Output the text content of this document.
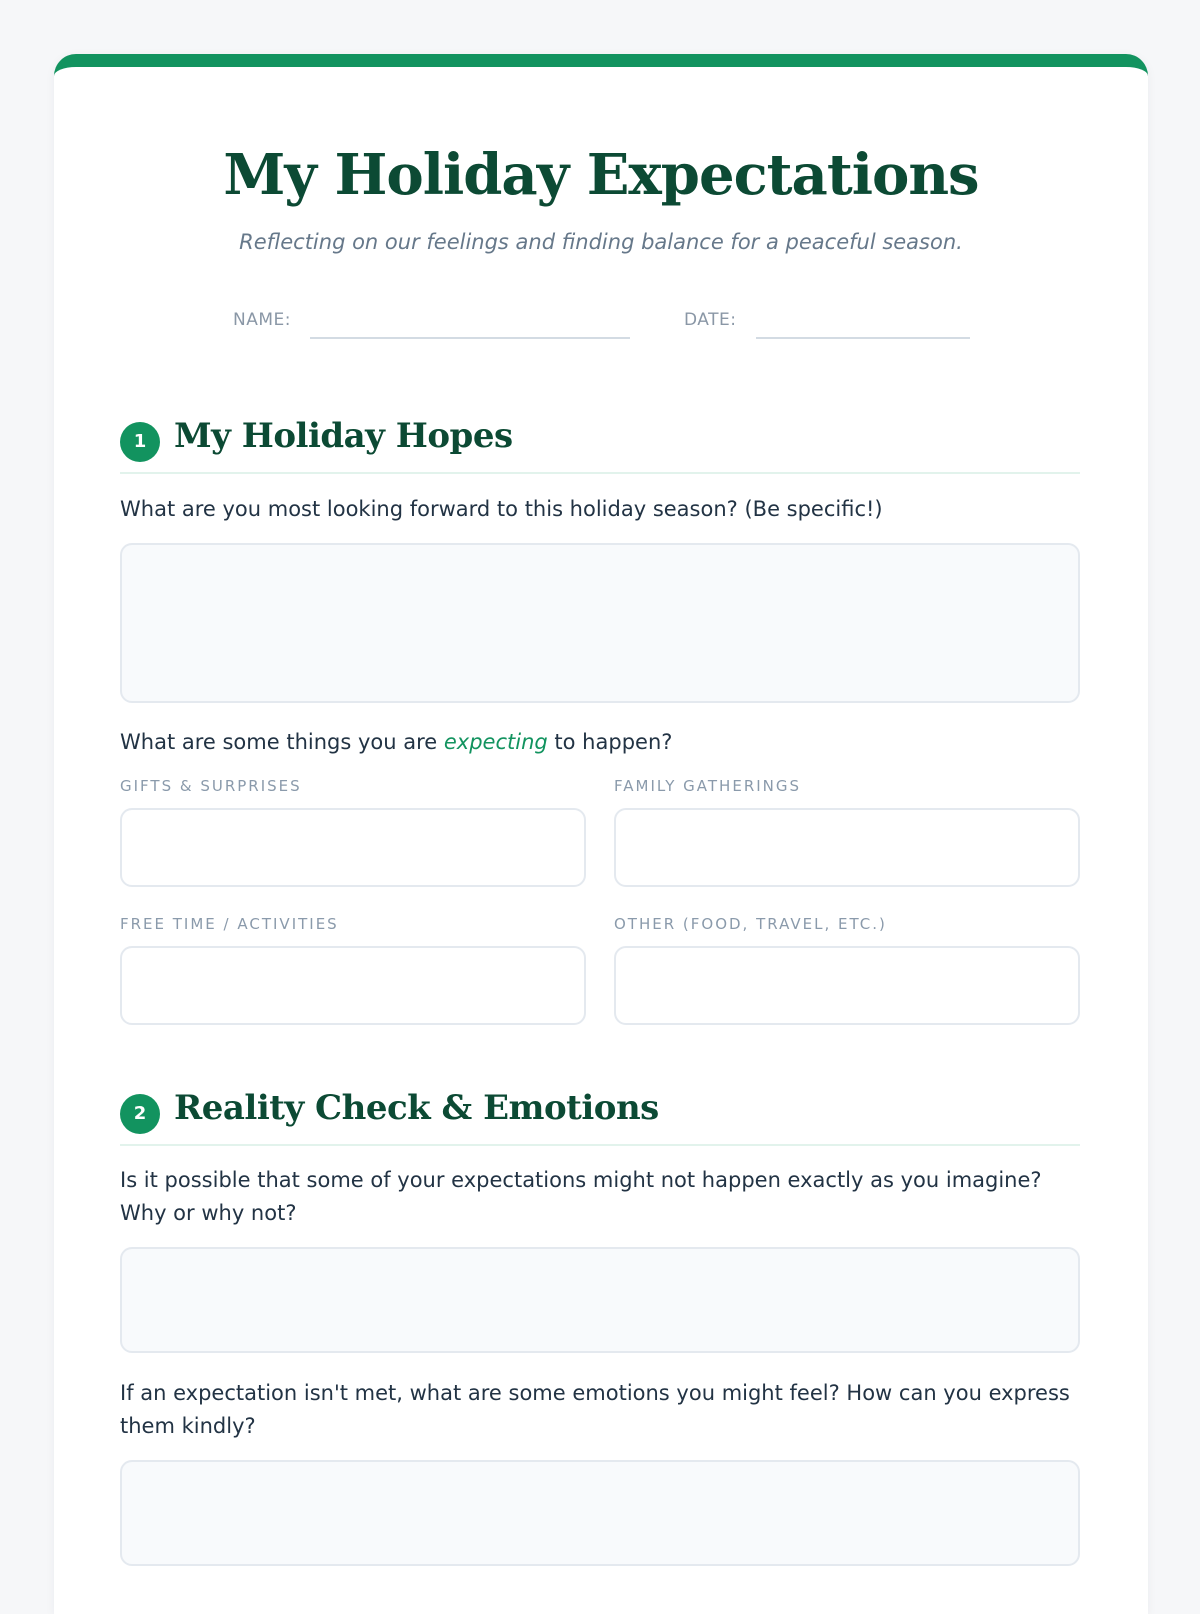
My Holiday Expectations

Reflecting on our feelings and finding balance for a peaceful season.

NAME:	DATE:
1 My Holiday Hopes
What are you most looking forward to this holiday season? (Be specific!)
What are some things you are expecting to happen?
GIFTS & SURPRISES	FAMILY GATHERINGS
FREE TIME / ACTIVITIES	OTHER (FOOD, TRAVEL, ETC.)
2 Reality Check & Emotions
Is it possible that some of your expectations might not happen exactly as you imagine? Why or why not?
If an expectation isn't met, what are some emotions you might feel? How can you express them kindly?
